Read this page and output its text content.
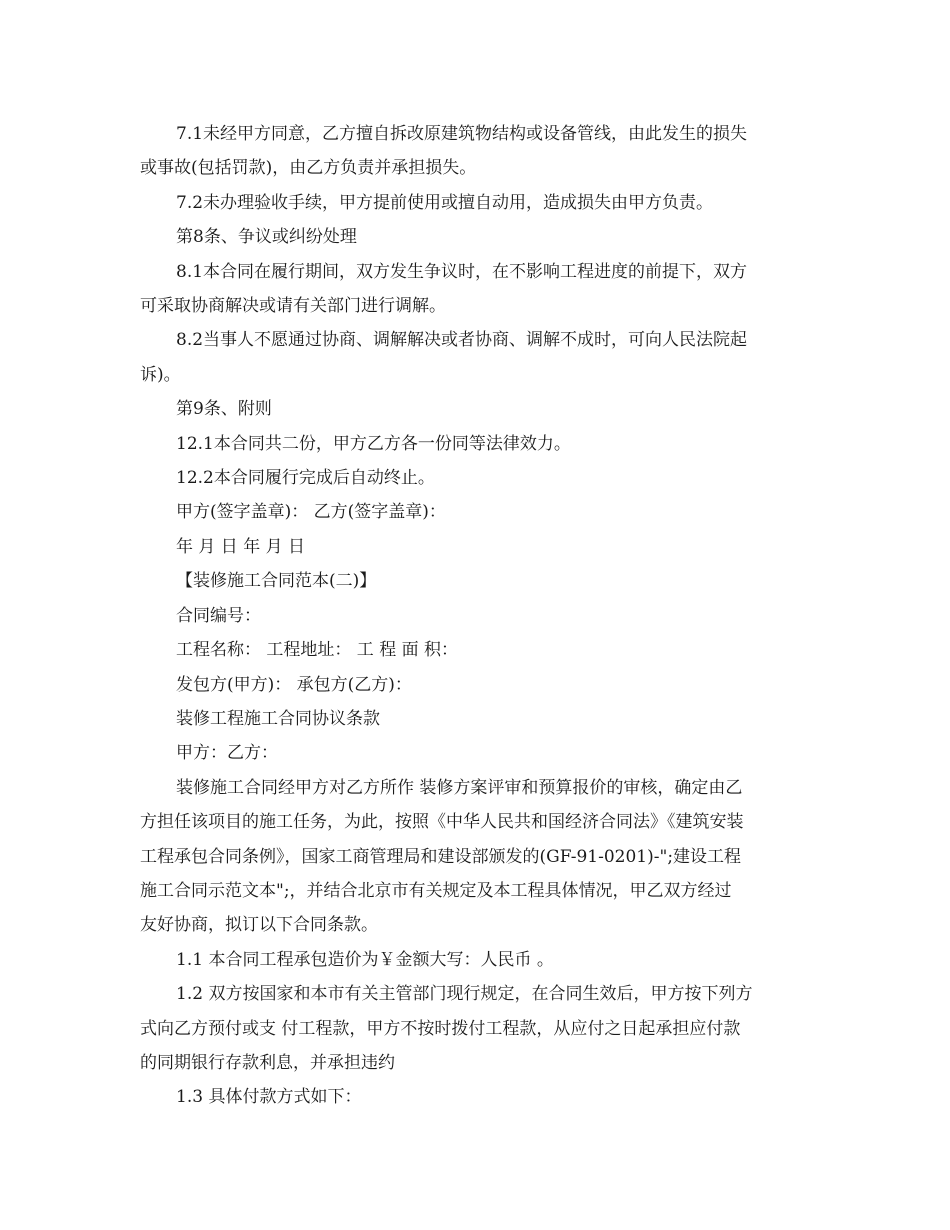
7.1未经甲方同意，乙方擅自拆改原建筑物结构或设备管线，由此发生的损失

或事故(包括罚款)，由乙方负责并承担损失。

7.2未办理验收手续，甲方提前使用或擅自动用，造成损失由甲方负责。

第8条、争议或纠纷处理

8.1本合同在履行期间，双方发生争议时，在不影响工程进度的前提下，双方

可采取协商解决或请有关部门进行调解。

8.2当事人不愿通过协商、调解解决或者协商、调解不成时，可向人民法院起

诉)。

第9条、附则

12.1本合同共二份，甲方乙方各一份同等法律效力。

12.2本合同履行完成后自动终止。

甲方(签字盖章)： 乙方(签字盖章)：

年 月 日 年 月 日

【装修施工合同范本(二)】

合同编号：

工程名称： 工程地址： 工 程 面 积：

发包方(甲方)： 承包方(乙方)：

装修工程施工合同协议条款

甲方：乙方：

装修施工合同经甲方对乙方所作 装修方案评审和预算报价的审核，确定由乙

方担任该项目的施工任务，为此，按照《中华人民共和国经济合同法》《建筑安装

工程承包合同条例》，国家工商管理局和建设部颁发的(GF-91-0201)-";建设工程

施工合同示范文本";，并结合北京市有关规定及本工程具体情况，甲乙双方经过

友好协商，拟订以下合同条款。

1.1 本合同工程承包造价为￥金额大写：人民币 。

1.2 双方按国家和本市有关主管部门现行规定，在合同生效后，甲方按下列方

式向乙方预付或支 付工程款，甲方不按时拨付工程款，从应付之日起承担应付款

的同期银行存款利息，并承担违约

1.3 具体付款方式如下：
